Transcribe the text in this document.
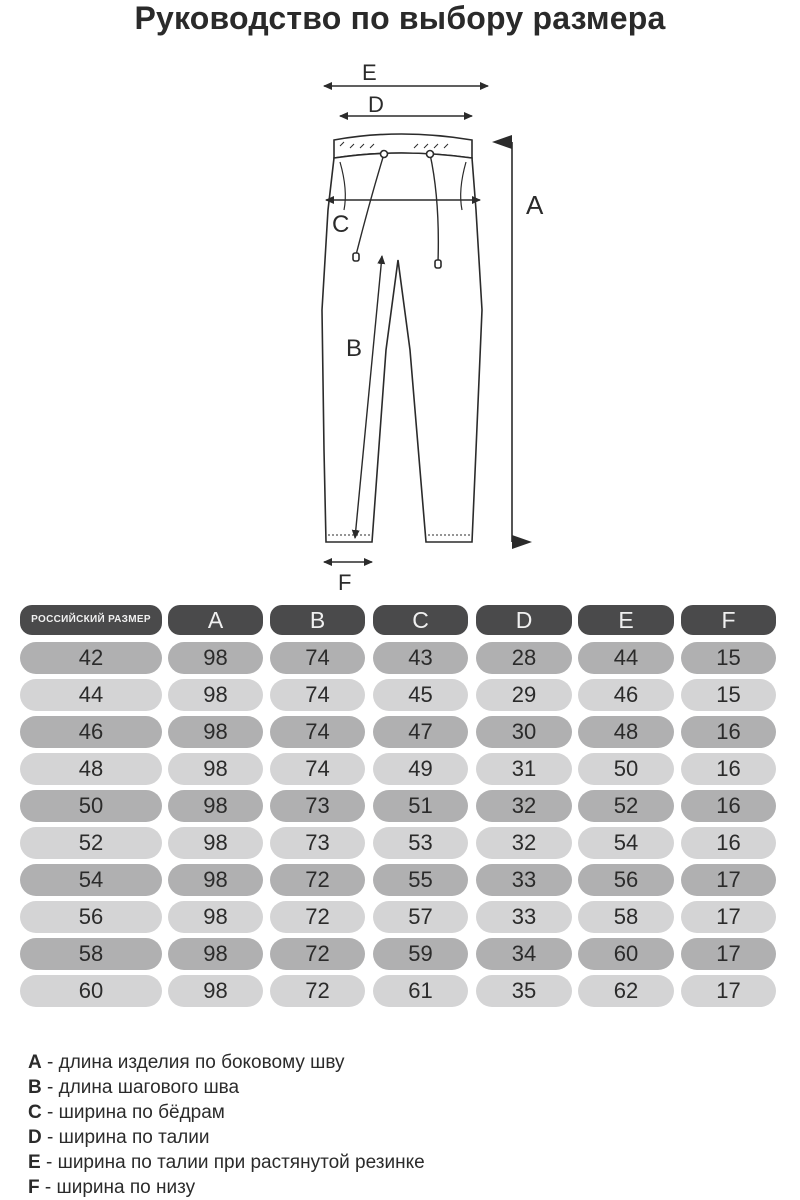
Руководство по выбору размера
E
D
C
A
B
F
РОССИЙСКИЙ РАЗМЕР	A	B	C	D	E	F
42	98	74	43	28	44	15
44	98	74	45	29	46	15
46	98	74	47	30	48	16
48	98	74	49	31	50	16
50	98	73	51	32	52	16
52	98	73	53	32	54	16
54	98	72	55	33	56	17
56	98	72	57	33	58	17
58	98	72	59	34	60	17
60	98	72	61	35	62	17
A - длина изделия по боковому шву
B - длина шагового шва
C - ширина по бёдрам
D - ширина по талии
E - ширина по талии при растянутой резинке
F - ширина по низу
